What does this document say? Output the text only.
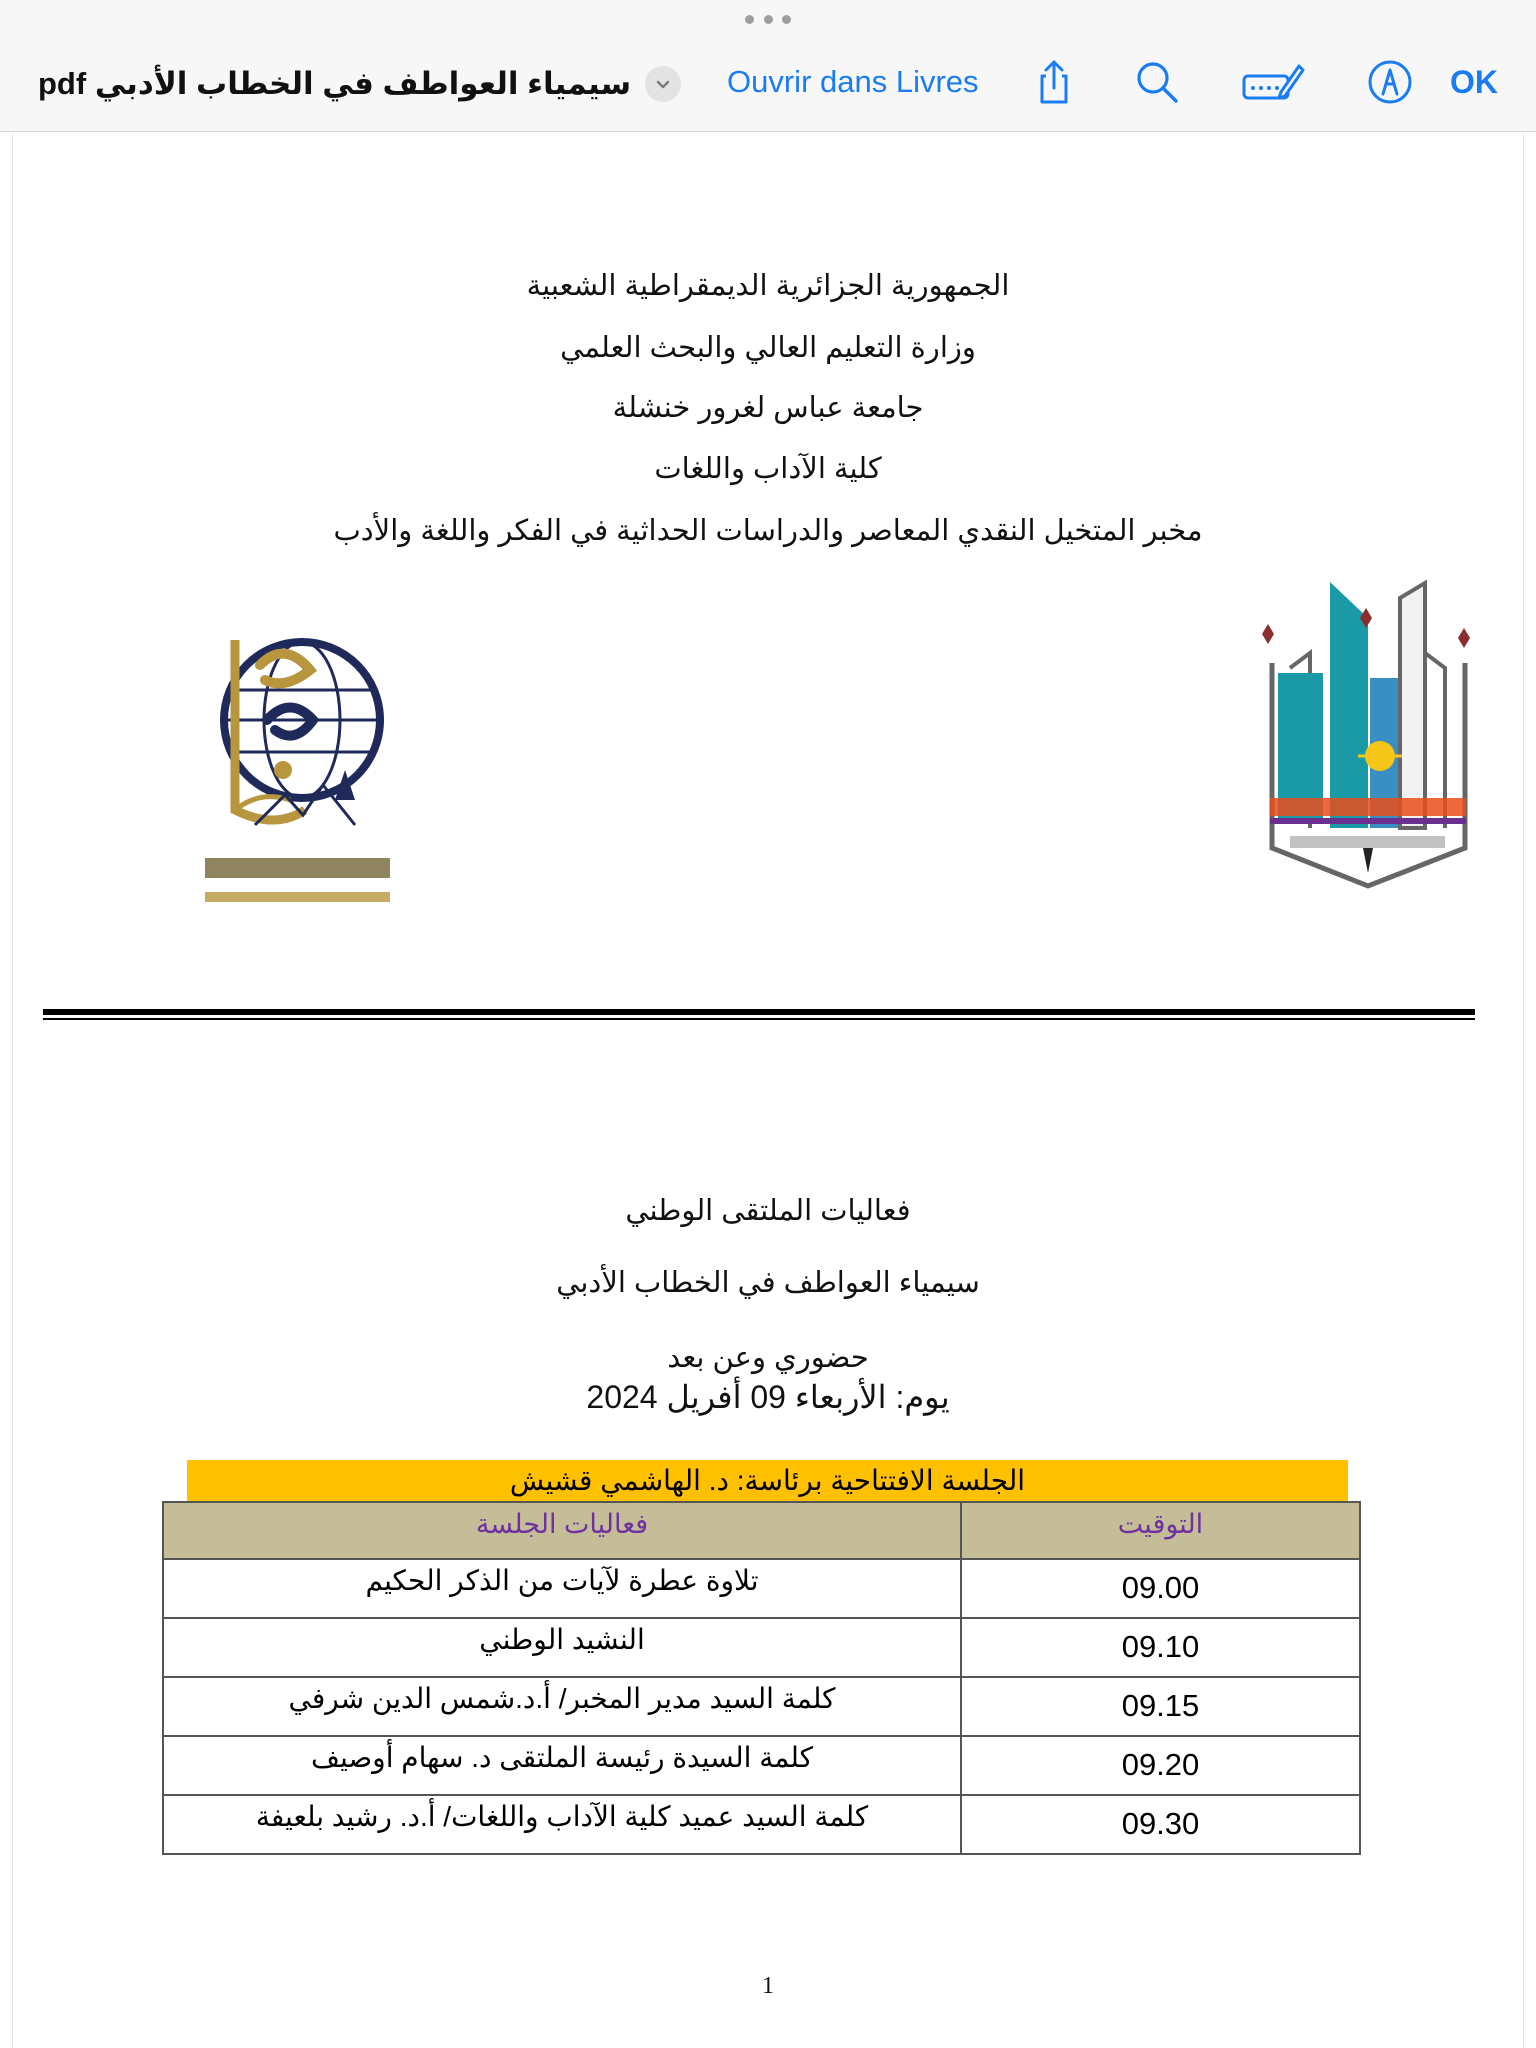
سيمياء العواطف في الخطاب الأدبي pdf	Ouvrir dans Livres	OK
الجمهورية الجزائرية الديمقراطية الشعبية
وزارة التعليم العالي والبحث العلمي
جامعة عباس لغرور خنشلة
كلية الآداب واللغات
مخبر المتخيل النقدي المعاصر والدراسات الحداثية في الفكر واللغة والأدب
فعاليات الملتقى الوطني
سيمياء العواطف في الخطاب الأدبي
حضوري وعن بعد
يوم: الأربعاء 09 أفريل 2024
الجلسة الافتتاحية برئاسة: د. الهاشمي قشيش
فعاليات الجلسة	التوقيت
تلاوة عطرة لآيات من الذكر الحكيم	09.00
النشيد الوطني	09.10
كلمة السيد مدير المخبر/ أ.د.شمس الدين شرفي	09.15
كلمة السيدة رئيسة الملتقى د. سهام أوصيف	09.20
كلمة السيد عميد كلية الآداب واللغات/ أ.د. رشيد بلعيفة	09.30
1
